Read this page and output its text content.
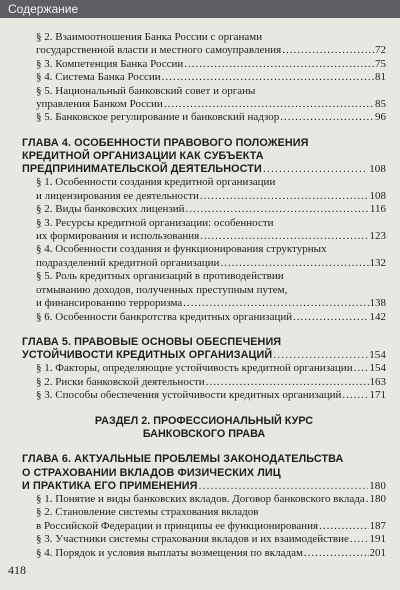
Содержание
§ 2. Взаимоотношения Банка России с органами
государственной власти и местного самоуправления .....	72
§ 3. Компетенция Банка России .....	75
§ 4. Система Банка России .....	81
§ 5. Национальный банковский совет и органы
управления Банком России .....	85
§ 5. Банковское регулирование и банковский надзор .....	96
ГЛАВА 4. ОСОБЕННОСТИ ПРАВОВОГО ПОЛОЖЕНИЯ
КРЕДИТНОЙ ОРГАНИЗАЦИИ КАК СУБЪЕКТА
ПРЕДПРИНИМАТЕЛЬСКОЙ ДЕЯТЕЛЬНОСТИ .....	108
§ 1. Особенности создания кредитной организации
и лицензирования ее деятельности .....	108
§ 2. Виды банковских лицензий .....	116
§ 3. Ресурсы кредитной организации: особенности
их формирования и использования .....	123
§ 4. Особенности создания и функционирования структурных
подразделений кредитной организации .....	132
§ 5. Роль кредитных организаций в противодействии
отмыванию доходов, полученных преступным путем,
и финансированию терроризма .....	138
§ 6. Особенности банкротства кредитных организаций .....	142
ГЛАВА 5. ПРАВОВЫЕ ОСНОВЫ ОБЕСПЕЧЕНИЯ
УСТОЙЧИВОСТИ КРЕДИТНЫХ ОРГАНИЗАЦИЙ .....	154
§ 1. Факторы, определяющие устойчивость кредитной организации ..... 154
§ 2. Риски банковской деятельности .....	163
§ 3. Способы обеспечения устойчивости кредитных организаций .....	171
РАЗДЕЛ 2. ПРОФЕССИОНАЛЬНЫЙ КУРС
БАНКОВСКОГО ПРАВА
ГЛАВА 6. АКТУАЛЬНЫЕ ПРОБЛЕМЫ ЗАКОНОДАТЕЛЬСТВА
О СТРАХОВАНИИ ВКЛАДОВ ФИЗИЧЕСКИХ ЛИЦ
И ПРАКТИКА ЕГО ПРИМЕНЕНИЯ .....	180
§ 1. Понятие и виды банковских вкладов. Договор банковского вклада ..... 180
§ 2. Становление системы страхования вкладов
в Российской Федерации и принципы ее функционирования .....	187
§ 3. Участники системы страхования вкладов и их взаимодействие ..... 191
§ 4. Порядок и условия выплаты возмещения по вкладам .....	201
418
